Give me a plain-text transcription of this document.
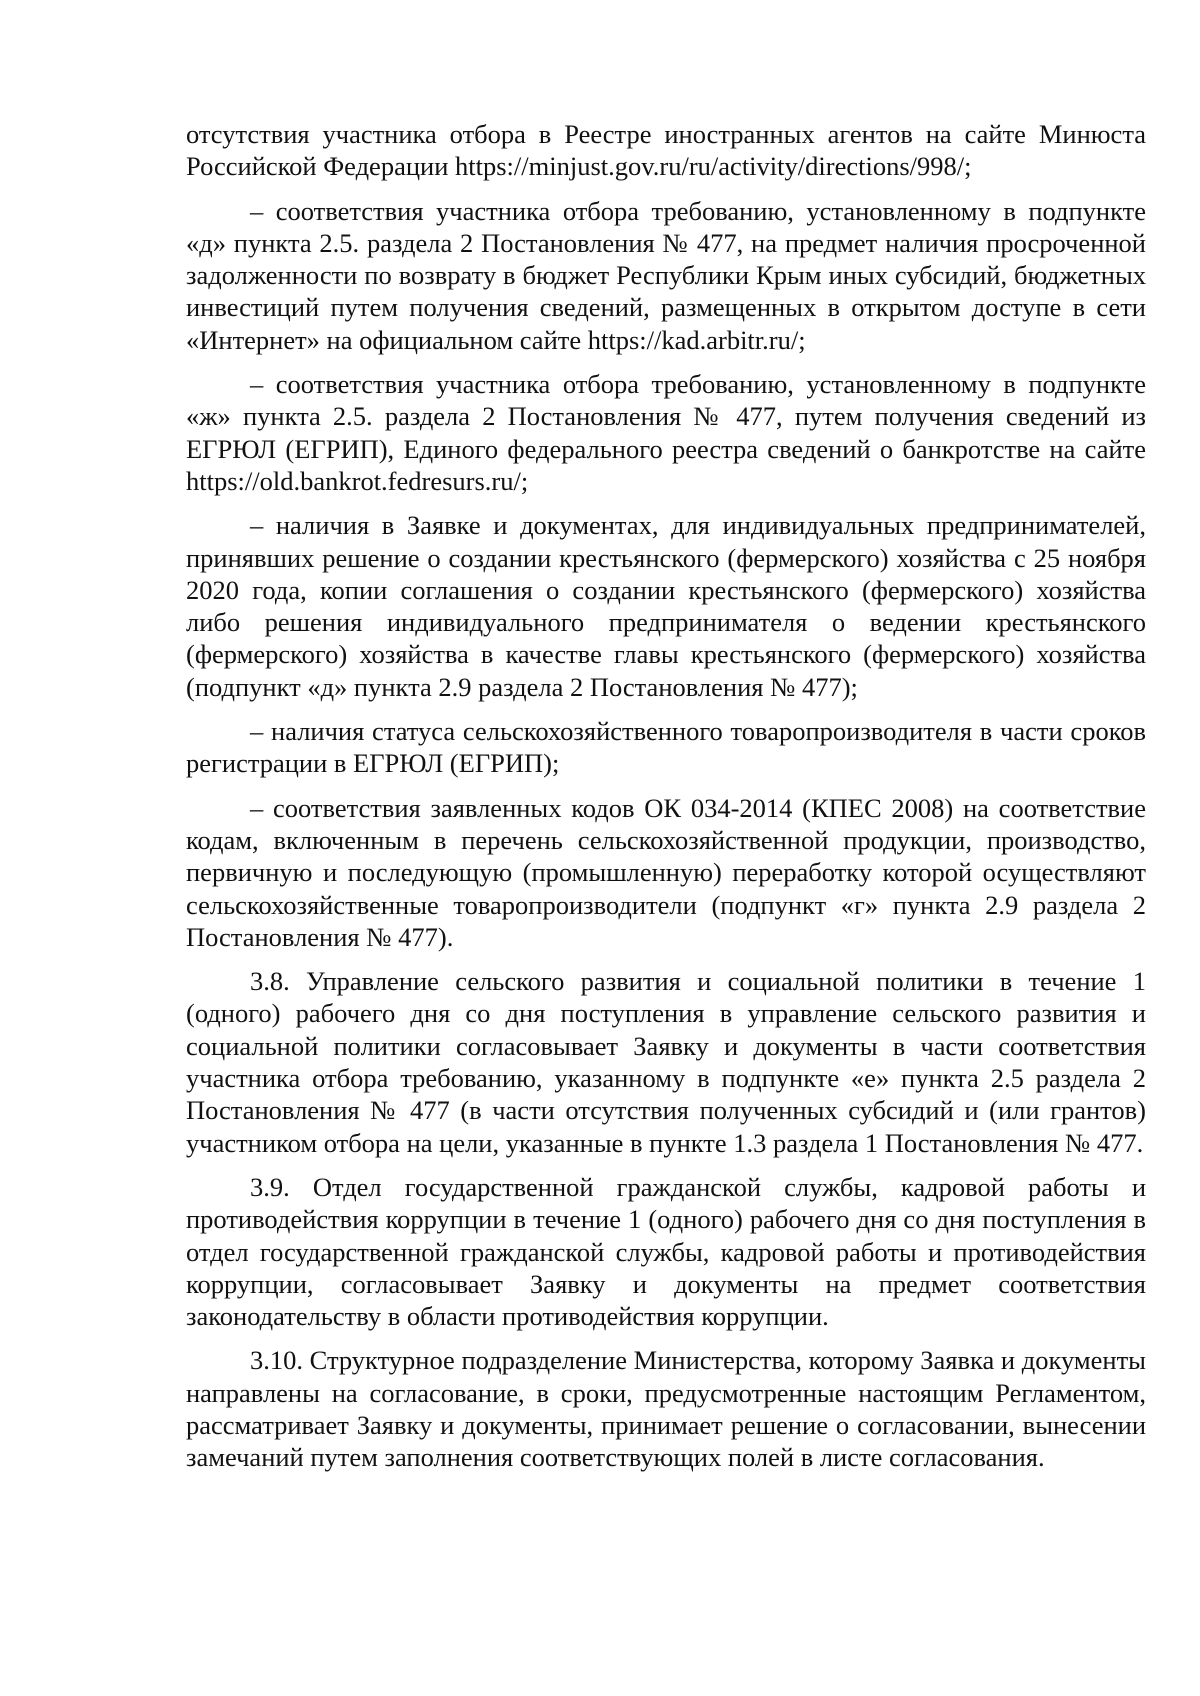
отсутствия участника отбора в Реестре иностранных агентов на сайте Минюста Российской Федерации https://minjust.gov.ru/ru/activity/directions/998/;

– соответствия участника отбора требованию, установленному в подпункте «д» пункта 2.5. раздела 2 Постановления № 477, на предмет наличия просроченной задолженности по возврату в бюджет Республики Крым иных субсидий, бюджетных инвестиций путем получения сведений, размещенных в открытом доступе в сети «Интернет» на официальном сайте https://kad.arbitr.ru/;

– соответствия участника отбора требованию, установленному в подпункте «ж» пункта 2.5. раздела 2 Постановления № 477, путем получения сведений из ЕГРЮЛ (ЕГРИП), Единого федерального реестра сведений о банкротстве на сайте https://old.bankrot.fedresurs.ru/;

– наличия в Заявке и документах, для индивидуальных предпринимателей, принявших решение о создании крестьянского (фермерского) хозяйства с 25 ноября 2020 года, копии соглашения о создании крестьянского (фермерского) хозяйства либо решения индивидуального предпринимателя о ведении крестьянского (фермерского) хозяйства в качестве главы крестьянского (фермерского) хозяйства (подпункт «д» пункта 2.9 раздела 2 Постановления № 477);

– наличия статуса сельскохозяйственного товаропроизводителя в части сроков регистрации в ЕГРЮЛ (ЕГРИП);

– соответствия заявленных кодов ОК 034-2014 (КПЕС 2008) на соответствие кодам, включенным в перечень сельскохозяйственной продукции, производство, первичную и последующую (промышленную) переработку которой осуществляют сельскохозяйственные товаропроизводители (подпункт «г» пункта 2.9 раздела 2 Постановления № 477).

3.8. Управление сельского развития и социальной политики в течение 1 (одного) рабочего дня со дня поступления в управление сельского развития и социальной политики согласовывает Заявку и документы в части соответствия участника отбора требованию, указанному в подпункте «е» пункта 2.5 раздела 2 Постановления № 477 (в части отсутствия полученных субсидий и (или грантов) участником отбора на цели, указанные в пункте 1.3 раздела 1 Постановления № 477.

3.9. Отдел государственной гражданской службы, кадровой работы и противодействия коррупции в течение 1 (одного) рабочего дня со дня поступления в отдел государственной гражданской службы, кадровой работы и противодействия коррупции, согласовывает Заявку и документы на предмет соответствия законодательству в области противодействия коррупции.

3.10. Структурное подразделение Министерства, которому Заявка и документы направлены на согласование, в сроки, предусмотренные настоящим Регламентом, рассматривает Заявку и документы, принимает решение о согласовании, вынесении замечаний путем заполнения соответствующих полей в листе согласования.
